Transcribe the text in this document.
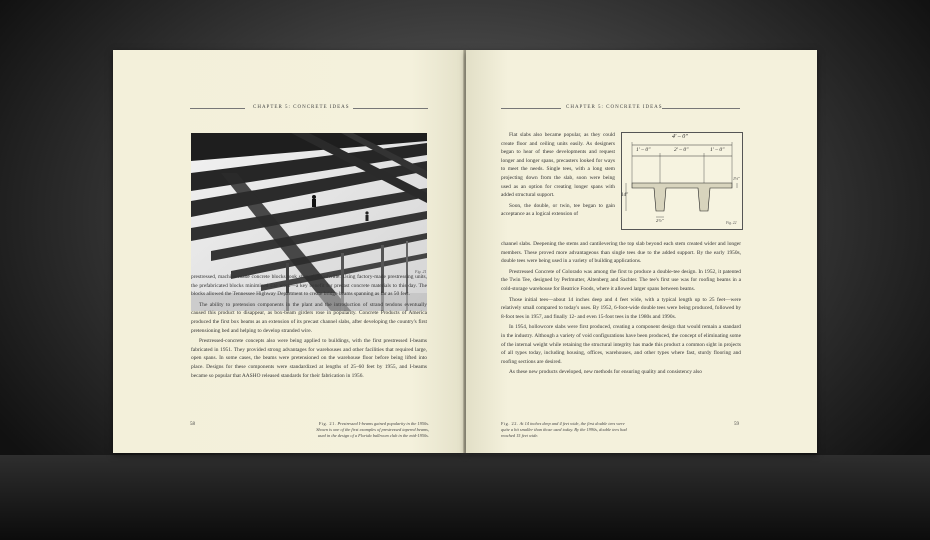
CHAPTER 5: CONCRETE IDEAS
Fig. 21

prestressed, machine-made concrete blocks took shape in Nashville. Using factory-made prestressing units, the prefabricated blocks minimized site work—a key benefit for precast concrete materials to this day. The blocks allowed the Tennessee Highway Department to create bridge beams spanning as far as 50 feet.

The ability to pretension components in the plant and the introduction of strand tendons eventually caused this product to disappear, as box-beam girders rose in popularity. Concrete Products of America produced the first box beams as an extension of its precast channel slabs, after developing the country's first pretensioning bed and helping to develop stranded wire.

Prestressed-concrete concepts also were being applied to buildings, with the first prestressed I-beams fabricated in 1951. They provided strong advantages for warehouses and other facilities that required large, open spans. In some cases, the beams were pretensioned on the warehouse floor before being lifted into place. Designs for these components were standardized at lengths of 25–60 feet by 1955, and I-beams became so popular that AASHO released standards for their fabrication in 1956.

58	Fig. 21. Prestressed I-beams gained popularity in the 1950s. Shown is one of the first examples of prestressed tapered beams, used in the design of a Florida ballroom club in the mid-1950s.
CHAPTER 5: CONCRETE IDEAS

Flat slabs also became popular, as they could create floor and ceiling units easily. As designers began to hear of these developments and request longer and longer spans, precasters looked for ways to meet the needs. Single tees, with a long stem projecting down from the slab, soon were being used as an option for creating longer spans with added structural support.

Soon, the double, or twin, tee began to gain acceptance as a logical extension of

4' – 0"
1' – 0"	2' – 0"	1' – 0"
14"
1½"
2½"	Fig. 22

channel slabs. Deepening the stems and cantilevering the top slab beyond each stem created wider and longer members. These proved more advantageous than single tees due to the added support. By the early 1950s, double tees were being used in a variety of building applications.

Prestressed Concrete of Colorado was among the first to produce a double-tee design. In 1952, it patented the Twin Tee, designed by Perlmutter, Altenberg and Sachter. The tee's first use was for roofing beams in a cold-storage warehouse for Beatrice Foods, where it allowed larger spans between beams.

Those initial tees—about 14 inches deep and 4 feet wide, with a typical length up to 25 feet—were relatively small compared to today's uses. By 1952, 6-foot-wide double tees were being produced, followed by 8-foot tees in 1957, and finally 12- and even 15-foot tees in the 1980s and 1990s.

In 1954, hollowcore slabs were first produced, creating a component design that would remain a standard in the industry. Although a variety of void configurations have been produced, the concept of eliminating some of the internal weight while retaining the structural integrity has made this product a common sight in projects of all types today, including housing, offices, warehouses, and other types where fast, sturdy flooring and roofing sections are desired.

As these new products developed, new methods for ensuring quality and consistency also

Fig. 22. At 14 inches deep and 4 feet wide, the first double tees were quite a bit smaller than those used today. By the 1990s, double tees had reached 15 feet wide.
59
